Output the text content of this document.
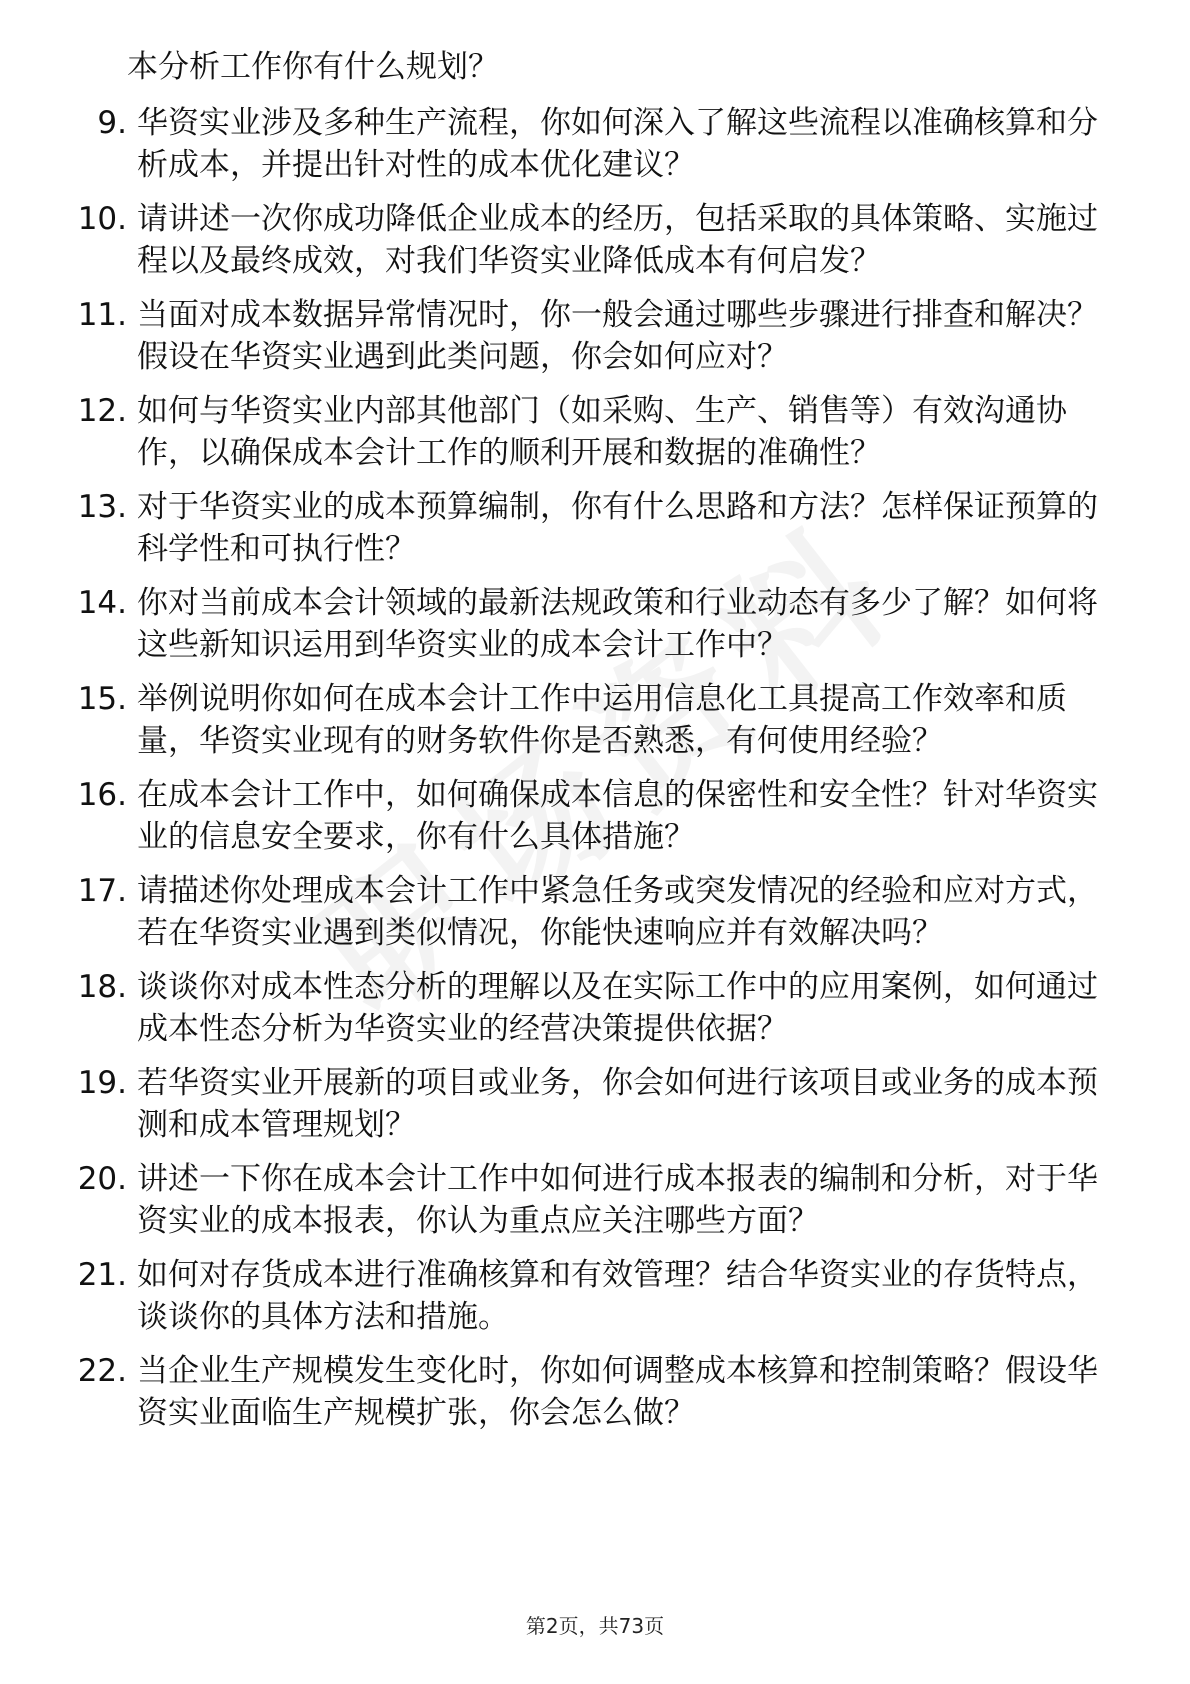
本分析工作你有什么规划？
9. 华资实业涉及多种生产流程，你如何深入了解这些流程以准确核算和分析成本，并提出针对性的成本优化建议？
10. 请讲述一次你成功降低企业成本的经历，包括采取的具体策略、实施过程以及最终成效，对我们华资实业降低成本有何启发？
11. 当面对成本数据异常情况时，你一般会通过哪些步骤进行排查和解决？假设在华资实业遇到此类问题，你会如何应对？
12. 如何与华资实业内部其他部门（如采购、生产、销售等）有效沟通协作，以确保成本会计工作的顺利开展和数据的准确性？
13. 对于华资实业的成本预算编制，你有什么思路和方法？怎样保证预算的科学性和可执行性？
14. 你对当前成本会计领域的最新法规政策和行业动态有多少了解？如何将这些新知识运用到华资实业的成本会计工作中？
15. 举例说明你如何在成本会计工作中运用信息化工具提高工作效率和质量，华资实业现有的财务软件你是否熟悉，有何使用经验？
16. 在成本会计工作中，如何确保成本信息的保密性和安全性？针对华资实业的信息安全要求，你有什么具体措施？
17. 请描述你处理成本会计工作中紧急任务或突发情况的经验和应对方式，若在华资实业遇到类似情况，你能快速响应并有效解决吗？
18. 谈谈你对成本性态分析的理解以及在实际工作中的应用案例，如何通过成本性态分析为华资实业的经营决策提供依据？
19. 若华资实业开展新的项目或业务，你会如何进行该项目或业务的成本预测和成本管理规划？
20. 讲述一下你在成本会计工作中如何进行成本报表的编制和分析，对于华资实业的成本报表，你认为重点应关注哪些方面？
21. 如何对存货成本进行准确核算和有效管理？结合华资实业的存货特点，谈谈你的具体方法和措施。
22. 当企业生产规模发生变化时，你如何调整成本核算和控制策略？假设华资实业面临生产规模扩张，你会怎么做？
第2页，共73页
